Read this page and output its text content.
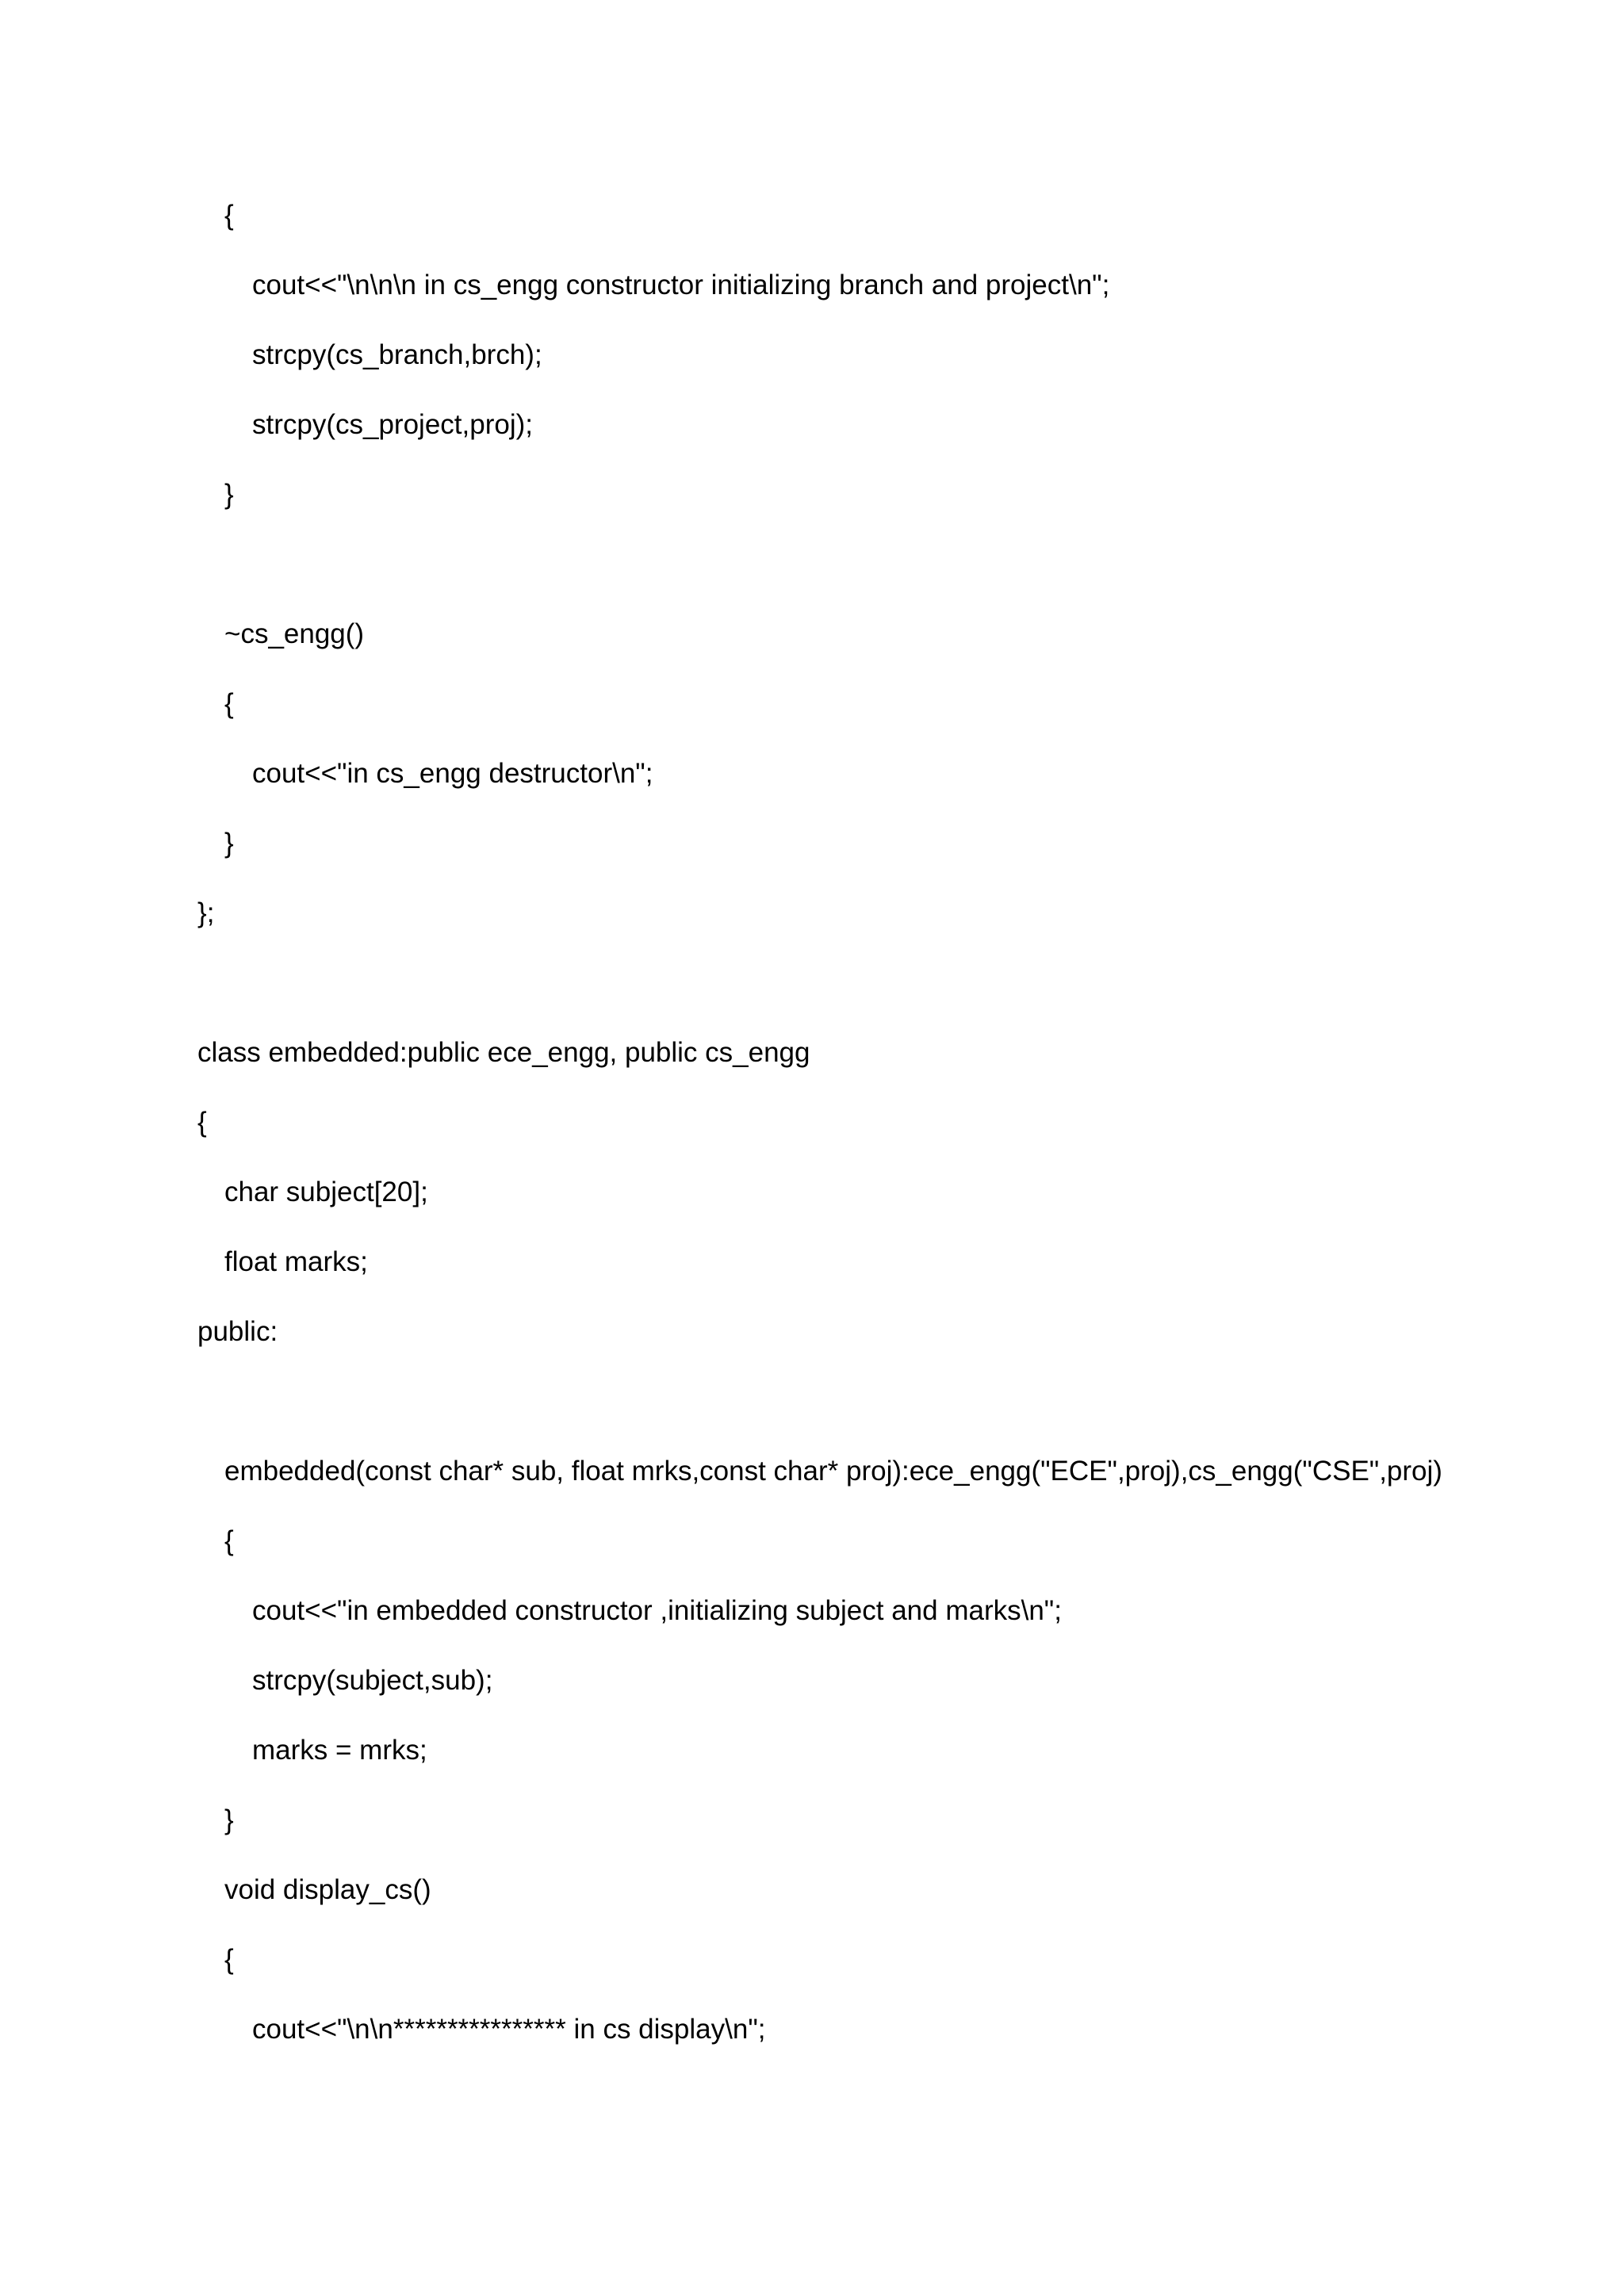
{
cout<<"\n\n\n in cs_engg constructor initializing branch and project\n";
strcpy(cs_branch,brch);
strcpy(cs_project,proj);
}
~cs_engg()
{
cout<<"in cs_engg destructor\n";
}
};
class embedded:public ece_engg, public cs_engg
{
char subject[20];
float marks;
public:
embedded(const char* sub, float mrks,const char* proj):ece_engg("ECE",proj),cs_engg("CSE",proj)
{
cout<<"in embedded constructor ,initializing subject and marks\n";
strcpy(subject,sub);
marks = mrks;
}
void display_cs()
{
cout<<"\n\n**************** in cs display\n";
